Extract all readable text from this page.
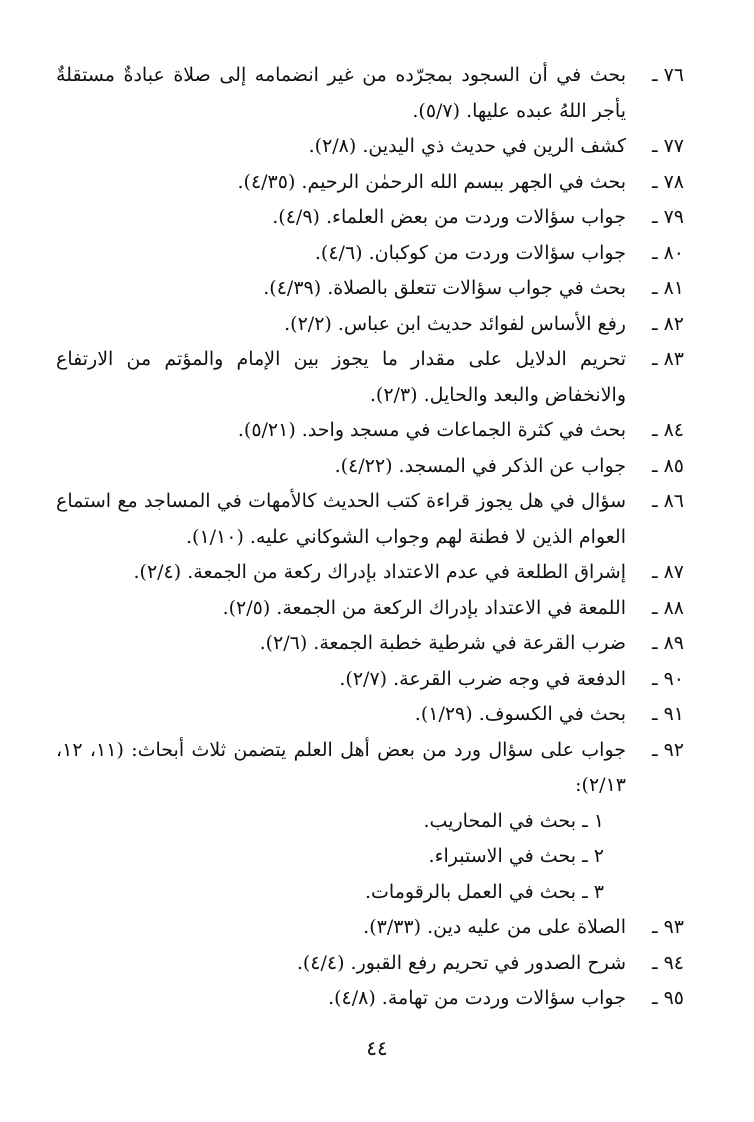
٧٦ ـ
بحث في أن السجود بمجرّده من غير انضمامه إلى صلاة عبادةٌ مستقلةٌ يأجر اللهُ عبده عليها. (٥/٧).
٧٧ ـ
كشف الرين في حديث ذي اليدين. (٢/٨).
٧٨ ـ
بحث في الجهر ببسم الله الرحمٰن الرحيم. (٤/٣٥).
٧٩ ـ
جواب سؤالات وردت من بعض العلماء. (٤/٩).
٨٠ ـ
جواب سؤالات وردت من كوكبان. (٤/٦).
٨١ ـ
بحث في جواب سؤالات تتعلق بالصلاة. (٤/٣٩).
٨٢ ـ
رفع الأساس لفوائد حديث ابن عباس. (٢/٢).
٨٣ ـ
تحريم الدلايل على مقدار ما يجوز بين الإمام والمؤتم من الارتفاع والانخفاض والبعد والحايل. (٢/٣).
٨٤ ـ
بحث في كثرة الجماعات في مسجد واحد. (٥/٢١).
٨٥ ـ
جواب عن الذكر في المسجد. (٤/٢٢).
٨٦ ـ
سؤال في هل يجوز قراءة كتب الحديث كالأمهات في المساجد مع استماع العوام الذين لا فطنة لهم وجواب الشوكاني عليه. (١/١٠).
٨٧ ـ
إشراق الطلعة في عدم الاعتداد بإدراك ركعة من الجمعة. (٢/٤).
٨٨ ـ
اللمعة في الاعتداد بإدراك الركعة من الجمعة. (٢/٥).
٨٩ ـ
ضرب القرعة في شرطية خطبة الجمعة. (٢/٦).
٩٠ ـ
الدفعة في وجه ضرب القرعة. (٢/٧).
٩١ ـ
بحث في الكسوف. (١/٢٩).
٩٢ ـ
جواب على سؤال ورد من بعض أهل العلم يتضمن ثلاث أبحاث: (١١، ١٢، ٢/١٣):
١ ـ
بحث في المحاريب.
٢ ـ
بحث في الاستبراء.
٣ ـ
بحث في العمل بالرقومات.
٩٣ ـ
الصلاة على من عليه دين. (٣/٣٣).
٩٤ ـ
شرح الصدور في تحريم رفع القبور. (٤/٤).
٩٥ ـ
جواب سؤالات وردت من تهامة. (٤/٨).
٤٤
